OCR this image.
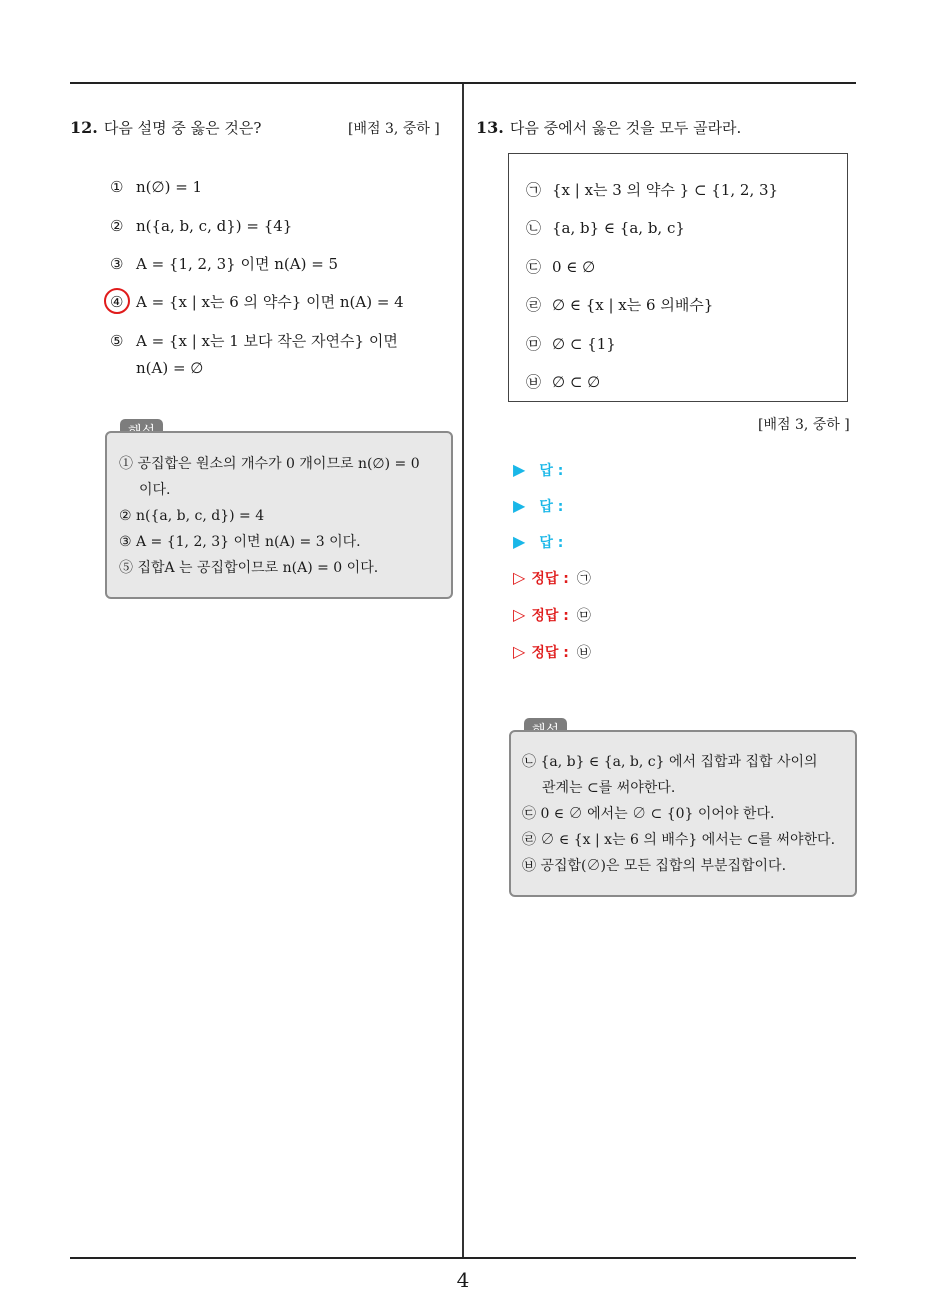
4
12. 다음 설명 중 옳은 것은?	[배점 3, 중하 ]
① n(∅) = 1
② n({a, b, c, d}) = {4}
③ A = {1, 2, 3} 이면 n(A) = 5
④ A = {x | x는 6 의 약수} 이면 n(A) = 4
⑤ A = {x | x는 1 보다 작은 자연수} 이면
n(A) = ∅
① 공집합은 원소의 개수가 0 개이므로 n(∅) = 0
이다.
② n({a, b, c, d}) = 4
③ A = {1, 2, 3} 이면 n(A) = 3 이다.
⑤ 집합A 는 공집합이므로 n(A) = 0 이다.
13. 다음 중에서 옳은 것을 모두 골라라.
㉠ {x | x는 3 의 약수 } ⊂ {1, 2, 3}
㉡ {a, b} ∈ {a, b, c}
㉢ 0 ∈ ∅
㉣ ∅ ∈ {x | x는 6 의배수}
㉤ ∅ ⊂ {1}
㉥ ∅ ⊂ ∅
[배점 3, 중하 ]
▶ 답 :
▶ 답 :
▶ 답 :
▷ 정답 : ㉠
▷ 정답 : ㉤
▷ 정답 : ㉥
㉡ {a, b} ∈ {a, b, c} 에서 집합과 집합 사이의
관계는 ⊂를 써야한다.
㉢ 0 ∈ ∅ 에서는 ∅ ⊂ {0} 이어야 한다.
㉣ ∅ ∈ {x | x는 6 의 배수} 에서는 ⊂를 써야한다.
㉥ 공집합(∅)은 모든 집합의 부분집합이다.
